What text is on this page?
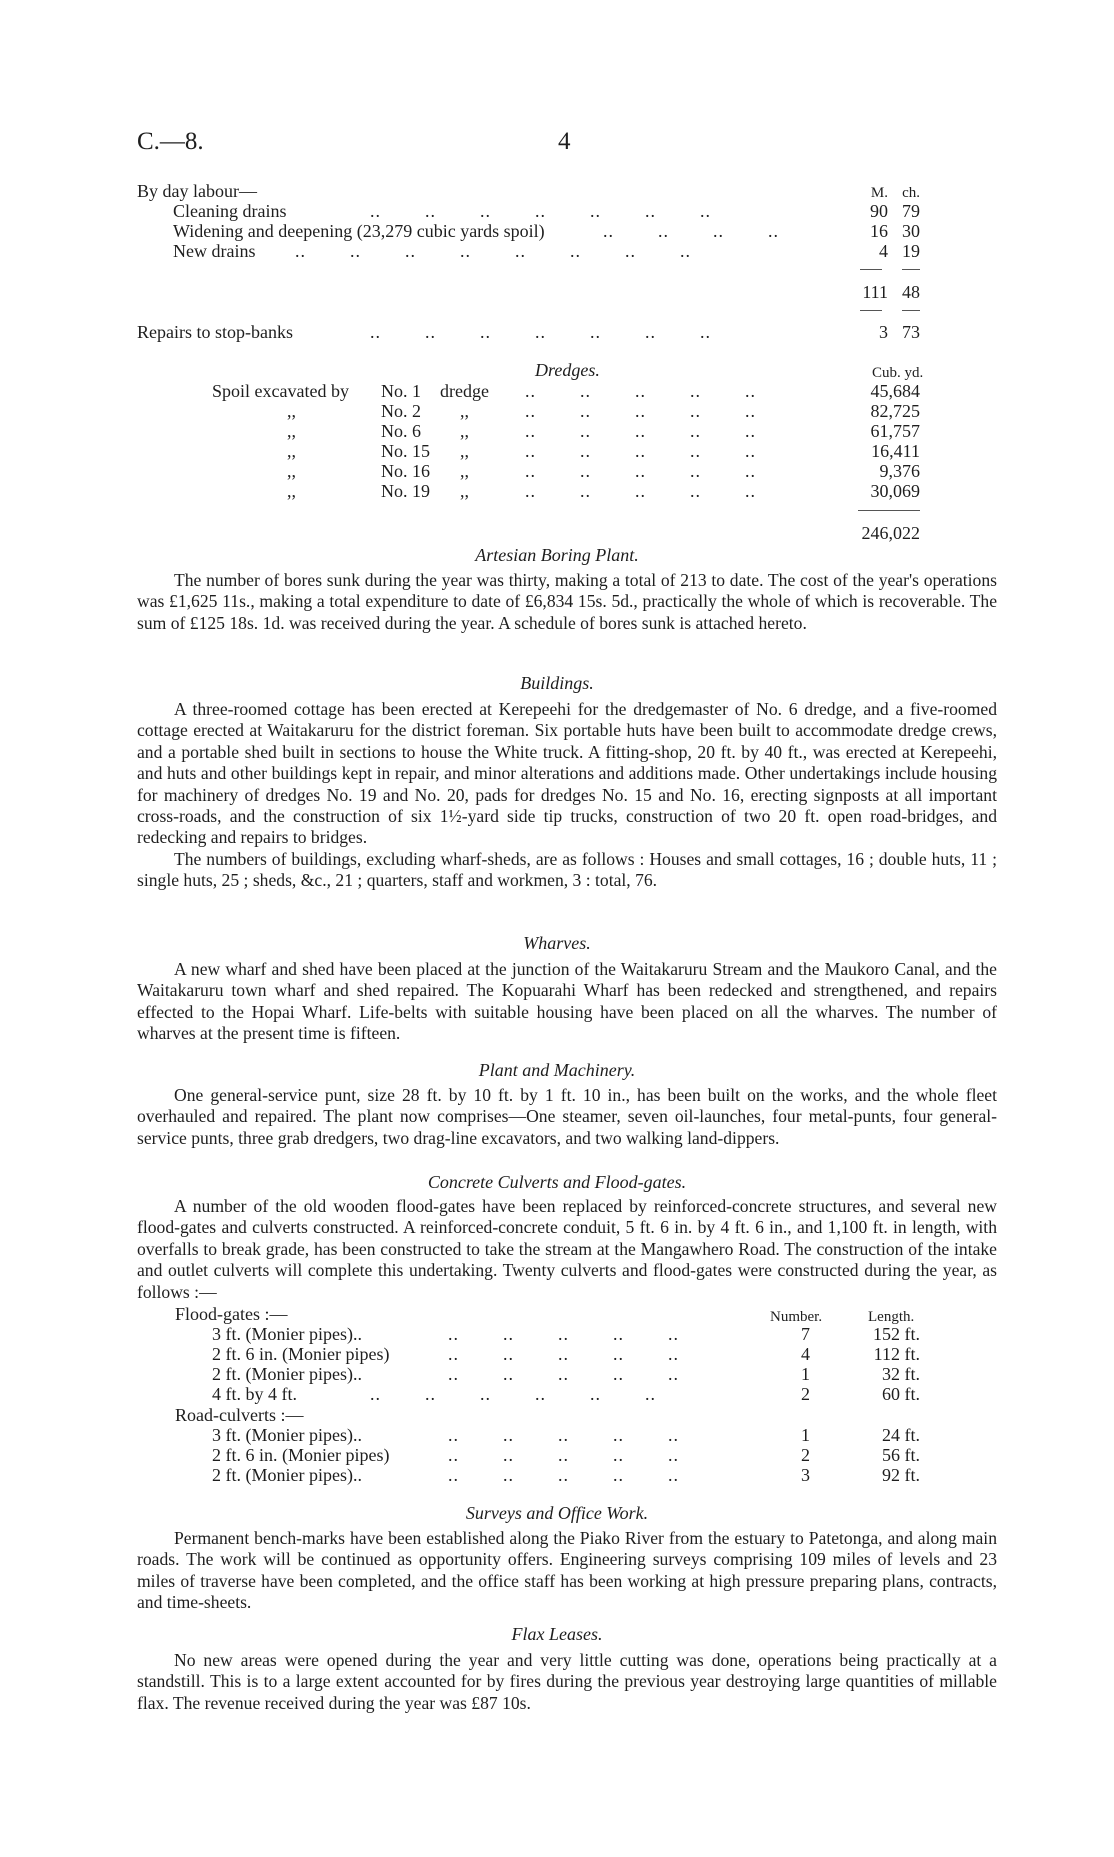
C.—8.	4
By day labour—	M. ch.
Cleaning drains	..        ..        ..        ..        ..        ..        ..	90 79
Widening and deepening (23,279 cubic yards spoil)	..        ..        ..        ..	16 30
New drains ..        ..        ..        ..        ..        ..        ..        ..	4 19
111 48
Repairs to stop-banks	..        ..        ..        ..        ..        ..        ..	3 73
Dredges.	Cub. yd.
Spoil excavated by No. 1 dredge ..        ..        ..        ..        ..	45,684
,,	No. 2 ,,	..        ..        ..        ..        ..	82,725
,,	No. 6 ,,	..        ..        ..        ..        ..	61,757
,,	No. 15 ,,	..        ..        ..        ..        ..	16,411
,,	No. 16 ,,	..        ..        ..        ..        ..	9,376
,,	No. 19 ,,	..        ..        ..        ..        ..	30,069
246,022
Artesian Boring Plant.

The number of bores sunk during the year was thirty, making a total of 213 to date. The cost of the year's operations was £1,625 11s., making a total expenditure to date of £6,834 15s. 5d., practically the whole of which is recoverable. The sum of £125 18s. 1d. was received during the year. A schedule of bores sunk is attached hereto.

Buildings.

A three-roomed cottage has been erected at Kerepeehi for the dredgemaster of No. 6 dredge, and a five-roomed cottage erected at Waitakaruru for the district foreman. Six portable huts have been built to accommodate dredge crews, and a portable shed built in sections to house the White truck. A fitting-shop, 20 ft. by 40 ft., was erected at Kerepeehi, and huts and other buildings kept in repair, and minor alterations and additions made. Other undertakings include housing for machinery of dredges No. 19 and No. 20, pads for dredges No. 15 and No. 16, erecting signposts at all important cross-roads, and the construction of six 1½-yard side tip trucks, construction of two 20 ft. open road-bridges, and redecking and repairs to bridges.

The numbers of buildings, excluding wharf-sheds, are as follows : Houses and small cottages, 16 ; double huts, 11 ; single huts, 25 ; sheds, &c., 21 ; quarters, staff and workmen, 3 : total, 76.

Wharves.

A new wharf and shed have been placed at the junction of the Waitakaruru Stream and the Maukoro Canal, and the Waitakaruru town wharf and shed repaired. The Kopuarahi Wharf has been redecked and strengthened, and repairs effected to the Hopai Wharf. Life-belts with suitable housing have been placed on all the wharves. The number of wharves at the present time is fifteen.

Plant and Machinery.

One general-service punt, size 28 ft. by 10 ft. by 1 ft. 10 in., has been built on the works, and the whole fleet overhauled and repaired. The plant now comprises—One steamer, seven oil-launches, four metal-punts, four general-service punts, three grab dredgers, two drag-line excavators, and two walking land-dippers.

Concrete Culverts and Flood-gates.

A number of the old wooden flood-gates have been replaced by reinforced-concrete structures, and several new flood-gates and culverts constructed. A reinforced-concrete conduit, 5 ft. 6 in. by 4 ft. 6 in., and 1,100 ft. in length, with overfalls to break grade, has been constructed to take the stream at the Mangawhero Road. The construction of the intake and outlet culverts will complete this undertaking. Twenty culverts and flood-gates were constructed during the year, as follows :—

Flood-gates :—	Number.	Length.
3 ft. (Monier pipes)..	..        ..        ..        ..        ..	7	152 ft.
2 ft. 6 in. (Monier pipes)	..        ..        ..        ..        ..	4	112 ft.
2 ft. (Monier pipes)..	..        ..        ..        ..        ..	1	32 ft.
4 ft. by 4 ft.	..        ..        ..        ..        ..        ..	2	60 ft.
Road-culverts :—
3 ft. (Monier pipes)..	..        ..        ..        ..        ..	1	24 ft.
2 ft. 6 in. (Monier pipes)	..        ..        ..        ..        ..	2	56 ft.
2 ft. (Monier pipes)..	..        ..        ..        ..        ..	3	92 ft.
Surveys and Office Work.

Permanent bench-marks have been established along the Piako River from the estuary to Patetonga, and along main roads. The work will be continued as opportunity offers. Engineering surveys comprising 109 miles of levels and 23 miles of traverse have been completed, and the office staff has been working at high pressure preparing plans, contracts, and time-sheets.

Flax Leases.

No new areas were opened during the year and very little cutting was done, operations being practically at a standstill. This is to a large extent accounted for by fires during the previous year destroying large quantities of millable flax. The revenue received during the year was £87 10s.
